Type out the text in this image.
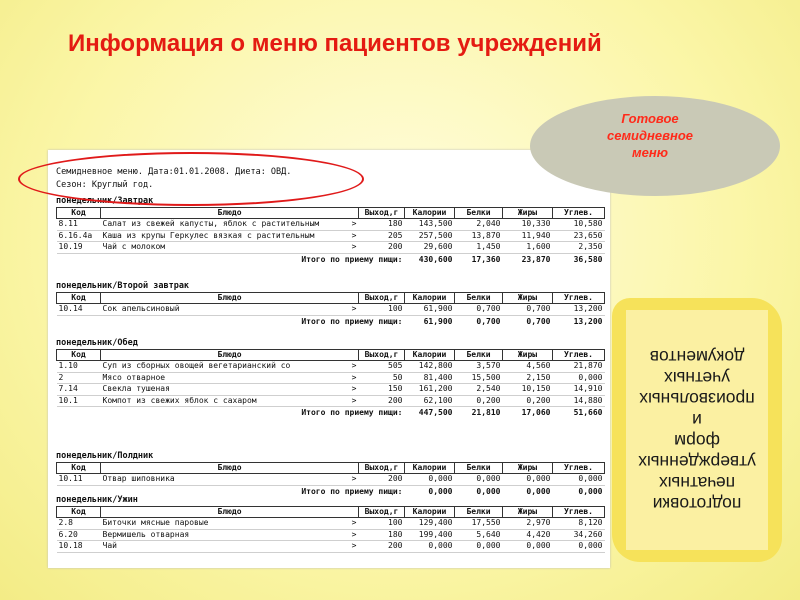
Информация о меню пациентов учреждений
Семидневное меню. Дата:01.01.2008. Диета: ОВД.
Сезон: Круглый год.
понедельник/Завтрак
Код	Блюдо	Выход,г	Калории	Белки	Жиры	Углев.
8.11	Салат из свежей капусты, яблок с растительным >	180	143,500	2,040	10,330	10,580
6.16.4а	Каша из крупы Геркулес вязкая с растительным >	205	257,500	13,870	11,940	23,650
10.19	Чай с молоком >	200	29,600	1,450	1,600	2,350
	Итого по приему пищи:		430,600	17,360	23,870	36,580
понедельник/Второй завтрак
Код	Блюдо	Выход,г	Калории	Белки	Жиры	Углев.
10.14	Сок апельсиновый >	100	61,900	0,700	0,700	13,200
	Итого по приему пищи:		61,900	0,700	0,700	13,200
понедельник/Обед
Код	Блюдо	Выход,г	Калории	Белки	Жиры	Углев.
1.10	Суп из сборных овощей вегетарианский со >	505	142,800	3,570	4,560	21,870
2	Мясо отварное >	50	81,400	15,500	2,150	0,000
7.14	Свекла тушеная >	150	161,200	2,540	10,150	14,910
10.1	Компот из свежих яблок с сахаром >	200	62,100	0,200	0,200	14,880
	Итого по приему пищи:		447,500	21,810	17,060	51,660
понедельник/Полдник
Код	Блюдо	Выход,г	Калории	Белки	Жиры	Углев.
10.11	Отвар шиповника >	200	0,000	0,000	0,000	0,000
	Итого по приему пищи:		0,000	0,000	0,000	0,000
понедельник/Ужин
Код	Блюдо	Выход,г	Калории	Белки	Жиры	Углев.
2.8	Биточки мясные паровые >	100	129,400	17,550	2,970	8,120
6.20	Вермишель отварная >	180	199,400	5,640	4,420	34,260
10.18	Чай >	200	0,000	0,000	0,000	0,000
Готовое
семидневное
меню
подготовки
печатных
утвержденных
форм
и
произвольных
учетных
документов
